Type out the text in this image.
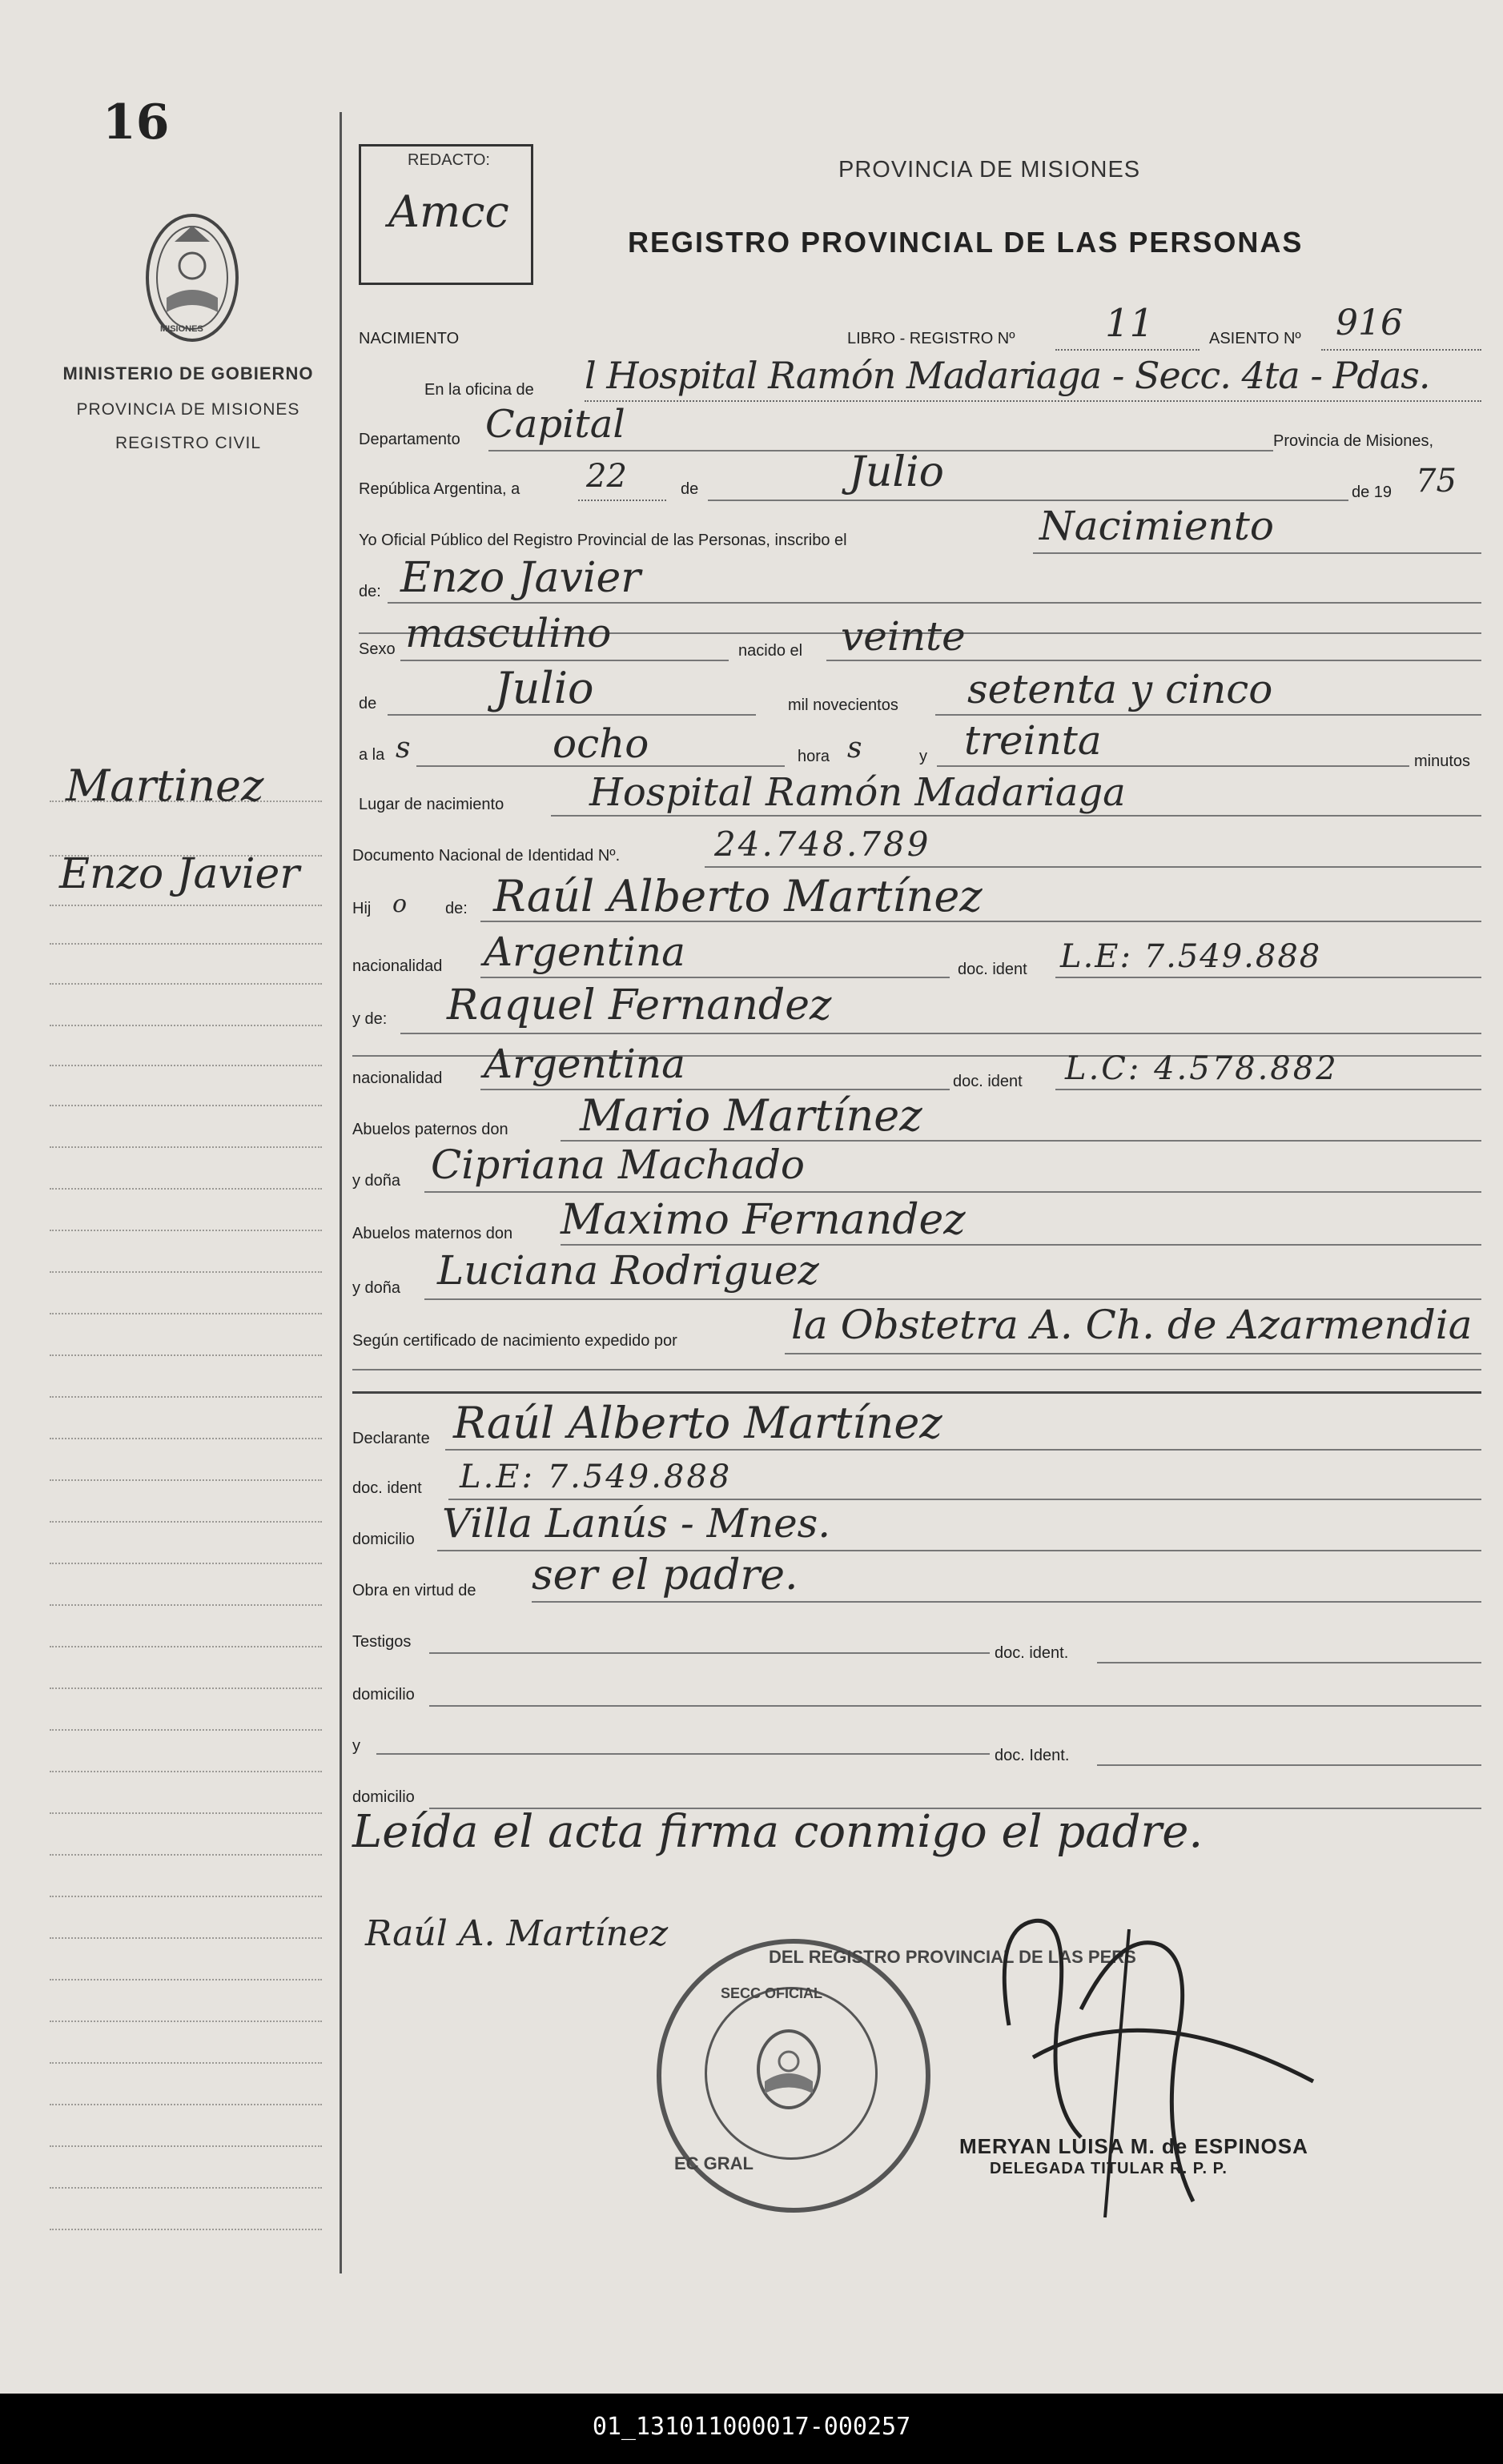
16
MISIONES
MINISTERIO DE GOBIERNO
PROVINCIA DE MISIONES
REGISTRO CIVIL
Martinez
Enzo Javier
REDACTO:
Amcc
PROVINCIA DE MISIONES
REGISTRO PROVINCIAL DE LAS PERSONAS
NACIMIENTO	LIBRO - REGISTRO Nº 11	ASIENTO Nº 916
En la oficina de l Hospital Ramón Madariaga - Secc. 4ta - Pdas.
Departamento Capital	Provincia de Misiones,
República Argentina, a 22	de	Julio	de 19 75
Yo Oficial Público del Registro Provincial de las Personas, inscribo el	Nacimiento
de: Enzo Javier
Sexo masculino	nacido el veinte
de	Julio	mil novecientos setenta y cinco
a la s	ocho	hora s	y treinta	minutos
Lugar de nacimiento Hospital Ramón Madariaga
Documento Nacional de Identidad Nº.	24.748.789
Hij o de: Raúl Alberto Martínez
nacionalidad Argentina	doc. ident L.E: 7.549.888
y de: Raquel Fernandez
nacionalidad Argentina	doc. ident L.C: 4.578.882
Abuelos paternos don Mario Martínez
y doña Cipriana Machado
Abuelos maternos don Maximo Fernandez
y doña Luciana Rodriguez
Según certificado de nacimiento expedido por	la Obstetra A. Ch. de Azarmendia
Declarante Raúl Alberto Martínez
doc. ident L.E: 7.549.888
domicilio Villa Lanús - Mnes.
Obra en virtud de ser el padre.
Testigos
doc. ident.
domicilio
y
doc. Ident.
domicilio
Leída el acta firma conmigo el padre.
Raúl A. Martínez
DEL REGISTRO PROVINCIAL DE LAS PERS
EC GRAL
SECC OFICIAL
MERYAN LUISA M. de ESPINOSA
DELEGADA TITULAR R. P. P.
01_131011000017-000257
